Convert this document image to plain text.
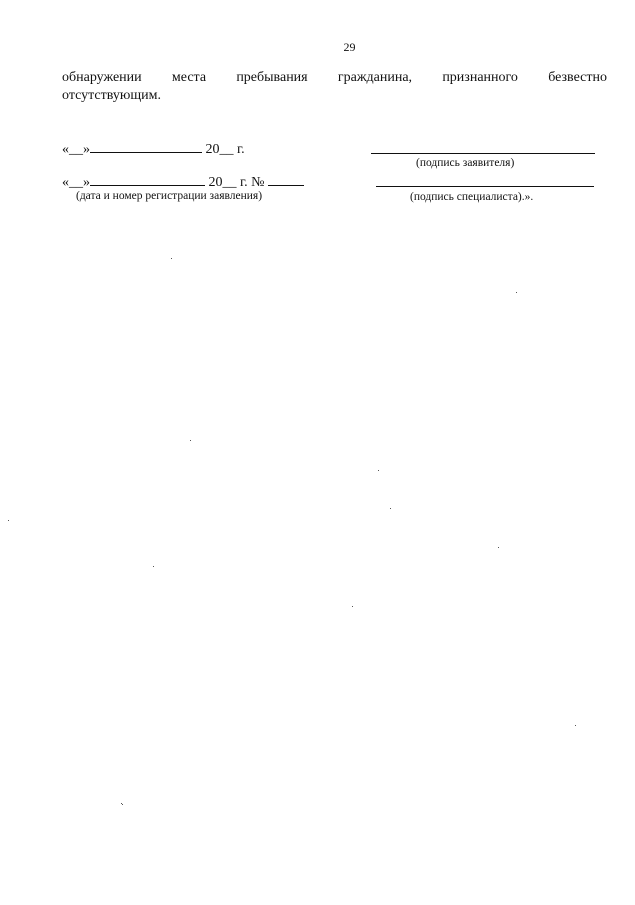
29
обнаружении места пребывания гражданина, признанного безвестно
отсутствующим.
«__»	20__ г.
(подпись заявителя)
«__»	20__ г. №
(дата и номер регистрации заявления)	(подпись специалиста).».
